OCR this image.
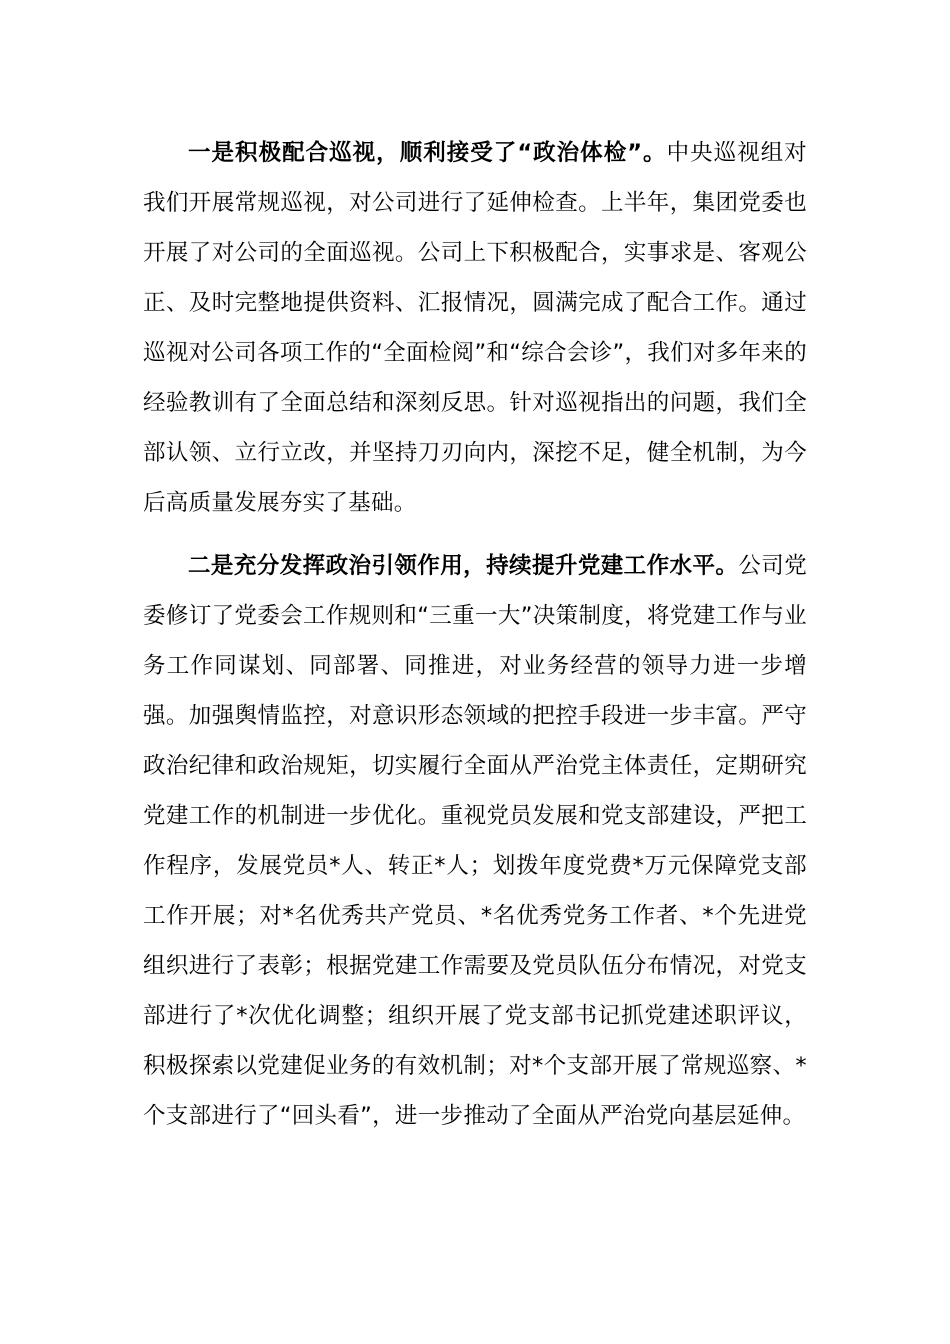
一是积极配合巡视，顺利接受了“政治体检”。中央巡视组对我们开展常规巡视，对公司进行了延伸检查。上半年，集团党委也开展了对公司的全面巡视。公司上下积极配合，实事求是、客观公正、及时完整地提供资料、汇报情况，圆满完成了配合工作。通过巡视对公司各项工作的“全面检阅”和“综合会诊”，我们对多年来的经验教训有了全面总结和深刻反思。针对巡视指出的问题，我们全部认领、立行立改，并坚持刀刃向内，深挖不足，健全机制，为今后高质量发展夯实了基础。

二是充分发挥政治引领作用，持续提升党建工作水平。公司党委修订了党委会工作规则和“三重一大”决策制度，将党建工作与业务工作同谋划、同部署、同推进，对业务经营的领导力进一步增强。加强舆情监控，对意识形态领域的把控手段进一步丰富。严守政治纪律和政治规矩，切实履行全面从严治党主体责任，定期研究党建工作的机制进一步优化。重视党员发展和党支部建设，严把工作程序，发展党员*人、转正*人；划拨年度党费*万元保障党支部工作开展；对*名优秀共产党员、*名优秀党务工作者、*个先进党组织进行了表彰；根据党建工作需要及党员队伍分布情况，对党支部进行了*次优化调整；组织开展了党支部书记抓党建述职评议，积极探索以党建促业务的有效机制；对*个支部开展了常规巡察、*个支部进行了“回头看”，进一步推动了全面从严治党向基层延伸。
